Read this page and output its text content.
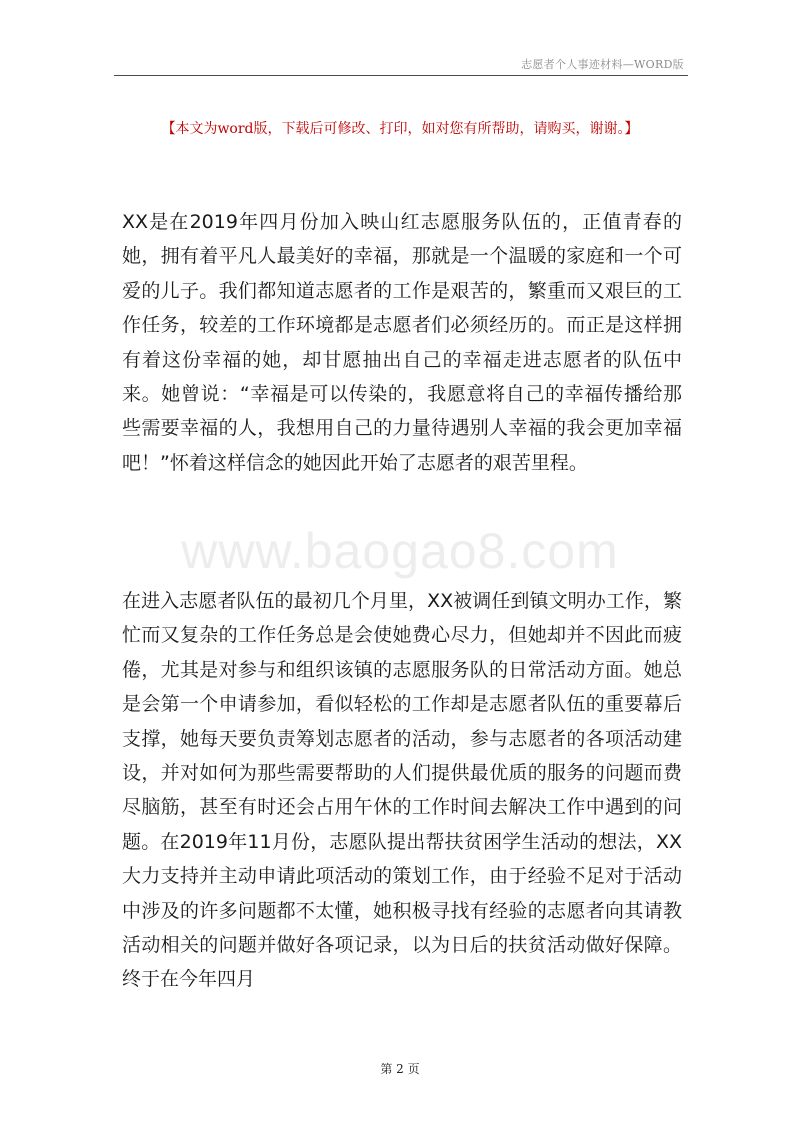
志愿者个人事迹材料—WORD版
【本文为word版，下载后可修改、打印，如对您有所帮助，请购买，谢谢。】
www.baogao8.com

XX是在2019年四月份加入映山红志愿服务队伍的，正值青春的她，拥有着平凡人最美好的幸福，那就是一个温暖的家庭和一个可爱的儿子。我们都知道志愿者的工作是艰苦的，繁重而又艰巨的工作任务，较差的工作环境都是志愿者们必须经历的。而正是这样拥有着这份幸福的她，却甘愿抽出自己的幸福走进志愿者的队伍中来。她曾说：“幸福是可以传染的，我愿意将自己的幸福传播给那些需要幸福的人，我想用自己的力量待遇别人幸福的我会更加幸福吧！”怀着这样信念的她因此开始了志愿者的艰苦里程。

在进入志愿者队伍的最初几个月里，XX被调任到镇文明办工作，繁忙而又复杂的工作任务总是会使她费心尽力，但她却并不因此而疲倦，尤其是对参与和组织该镇的志愿服务队的日常活动方面。她总是会第一个申请参加，看似轻松的工作却是志愿者队伍的重要幕后支撑，她每天要负责筹划志愿者的活动，参与志愿者的各项活动建设，并对如何为那些需要帮助的人们提供最优质的服务的问题而费尽脑筋，甚至有时还会占用午休的工作时间去解决工作中遇到的问题。在2019年11月份，志愿队提出帮扶贫困学生活动的想法，XX大力支持并主动申请此项活动的策划工作，由于经验不足对于活动中涉及的许多问题都不太懂，她积极寻找有经验的志愿者向其请教活动相关的问题并做好各项记录，以为日后的扶贫活动做好保障。终于在今年四月

第 2 页
